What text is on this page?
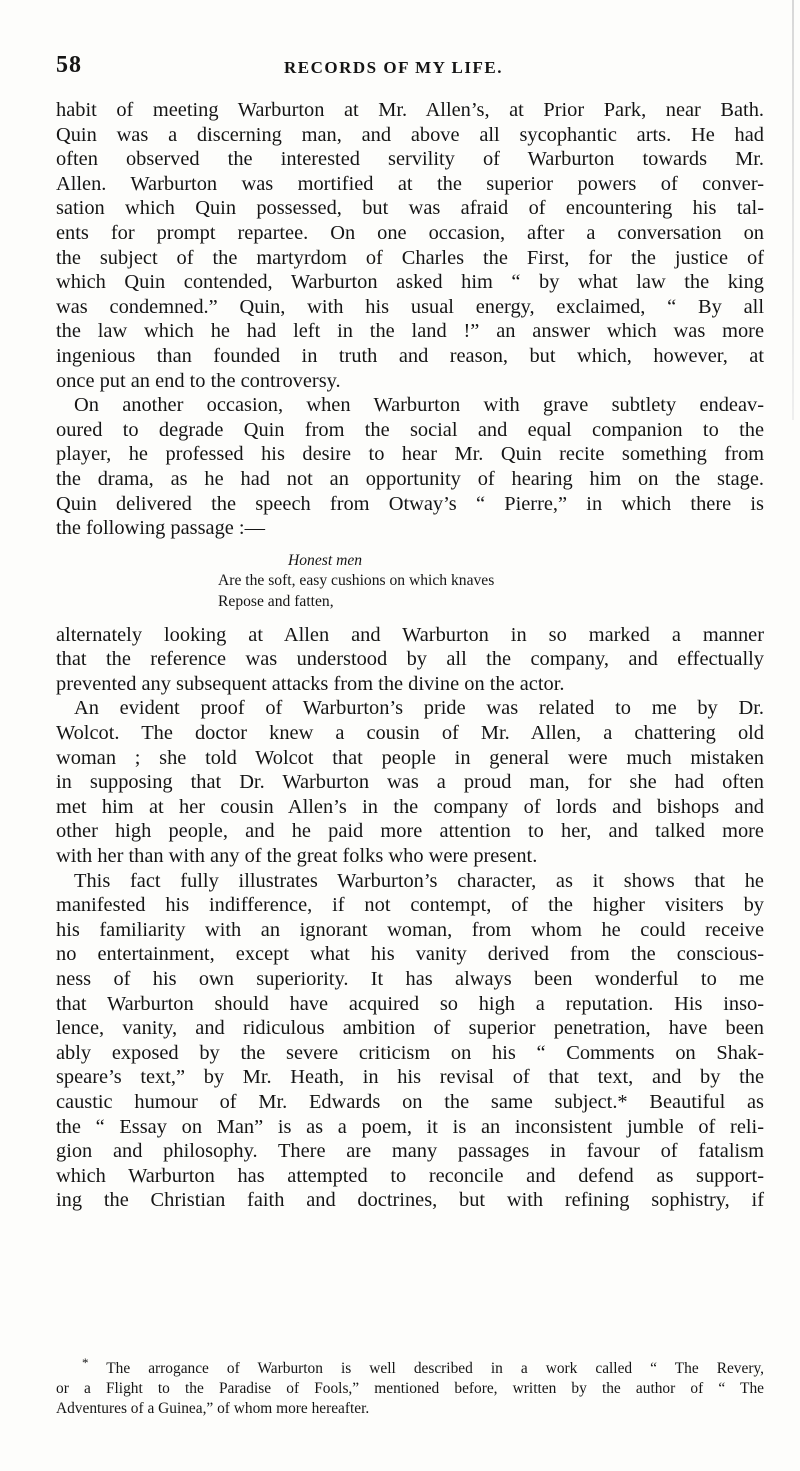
58	RECORDS OF MY LIFE.
habit of meeting Warburton at Mr. Allen’s, at Prior Park, near Bath.
Quin was a discerning man, and above all sycophantic arts. He had
often observed the interested servility of Warburton towards Mr.
Allen. Warburton was mortified at the superior powers of conver-
sation which Quin possessed, but was afraid of encountering his tal-
ents for prompt repartee. On one occasion, after a conversation on
the subject of the martyrdom of Charles the First, for the justice of
which Quin contended, Warburton asked him “ by what law the king
was condemned.” Quin, with his usual energy, exclaimed, “ By all
the law which he had left in the land !” an answer which was more
ingenious than founded in truth and reason, but which, however, at
once put an end to the controversy.
On another occasion, when Warburton with grave subtlety endeav-
oured to degrade Quin from the social and equal companion to the
player, he professed his desire to hear Mr. Quin recite something from
the drama, as he had not an opportunity of hearing him on the stage.
Quin delivered the speech from Otway’s “ Pierre,” in which there is
the following passage :—
Honest men
Are the soft, easy cushions on which knaves
Repose and fatten,
alternately looking at Allen and Warburton in so marked a manner
that the reference was understood by all the company, and effectually
prevented any subsequent attacks from the divine on the actor.
An evident proof of Warburton’s pride was related to me by Dr.
Wolcot. The doctor knew a cousin of Mr. Allen, a chattering old
woman ; she told Wolcot that people in general were much mistaken
in supposing that Dr. Warburton was a proud man, for she had often
met him at her cousin Allen’s in the company of lords and bishops and
other high people, and he paid more attention to her, and talked more
with her than with any of the great folks who were present.
This fact fully illustrates Warburton’s character, as it shows that he
manifested his indifference, if not contempt, of the higher visiters by
his familiarity with an ignorant woman, from whom he could receive
no entertainment, except what his vanity derived from the conscious-
ness of his own superiority. It has always been wonderful to me
that Warburton should have acquired so high a reputation. His inso-
lence, vanity, and ridiculous ambition of superior penetration, have been
ably exposed by the severe criticism on his “ Comments on Shak-
speare’s text,” by Mr. Heath, in his revisal of that text, and by the
caustic humour of Mr. Edwards on the same subject.* Beautiful as
the “ Essay on Man” is as a poem, it is an inconsistent jumble of reli-
gion and philosophy. There are many passages in favour of fatalism
which Warburton has attempted to reconcile and defend as support-
ing the Christian faith and doctrines, but with refining sophistry, if
* The arrogance of Warburton is well described in a work called “ The Revery,
or a Flight to the Paradise of Fools,” mentioned before, written by the author of “ The
Adventures of a Guinea,” of whom more hereafter.
